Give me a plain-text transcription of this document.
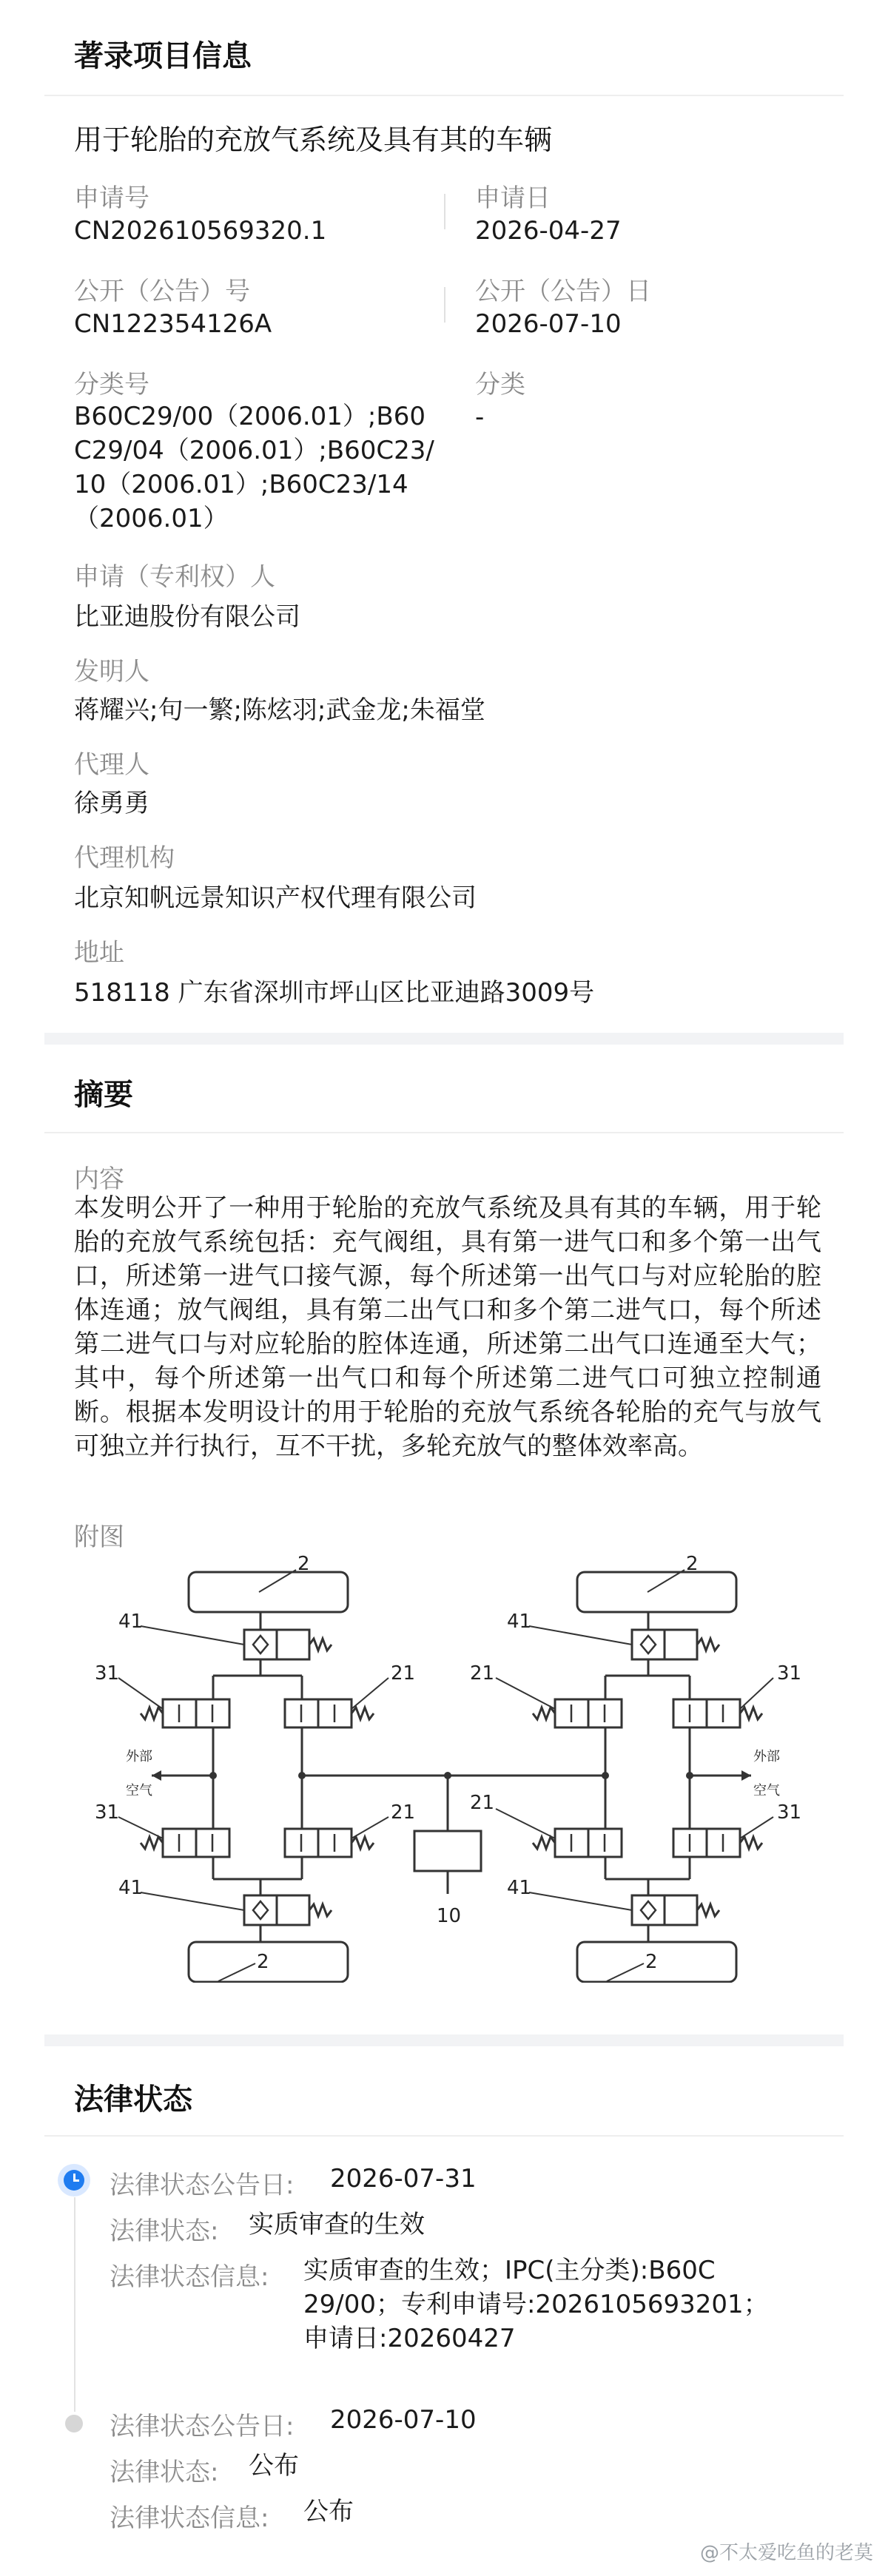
著录项目信息
用于轮胎的充放气系统及具有其的车辆
申请号
CN202610569320.1
申请日
2026-04-27
公开（公告）号
CN122354126A
公开（公告）日
2026-07-10
分类号
B60C29/00（2006.01）;B60
C29/04（2006.01）;B60C23/
10（2006.01）;B60C23/14
（2006.01）
分类
-
申请（专利权）人
比亚迪股份有限公司
发明人
蒋耀兴;句一繁;陈炫羽;武金龙;朱福堂
代理人
徐勇勇
代理机构
北京知帆远景知识产权代理有限公司
地址
518118 广东省深圳市坪山区比亚迪路3009号
摘要
内容
本发明公开了一种用于轮胎的充放气系统及具有其的车辆，用于轮胎的充放气系统包括：充气阀组，具有第一进气口和多个第一出气口，所述第一进气口接气源，每个所述第一出气口与对应轮胎的腔体连通；放气阀组，具有第二出气口和多个第二进气口，每个所述第二进气口与对应轮胎的腔体连通，所述第二出气口连通至大气；其中，每个所述第一出气口和每个所述第二进气口可独立控制通断。根据本发明设计的用于轮胎的充放气系统各轮胎的充气与放气可独立并行执行，互不干扰，多轮充放气的整体效率高。
附图
2	2
2	2
41	41
41	41
31	31
31	31
21	21
21	21
10
外部
空气
外部
空气
法律状态
法律状态公告日: 2026-07-31
法律状态: 实质审查的生效
法律状态信息: 实质审查的生效；IPC(主分类):B60C
29/00；专利申请号:2026105693201；
申请日:20260427
法律状态公告日: 2026-07-10
法律状态: 公布
法律状态信息: 公布
@不太爱吃鱼的老莫
